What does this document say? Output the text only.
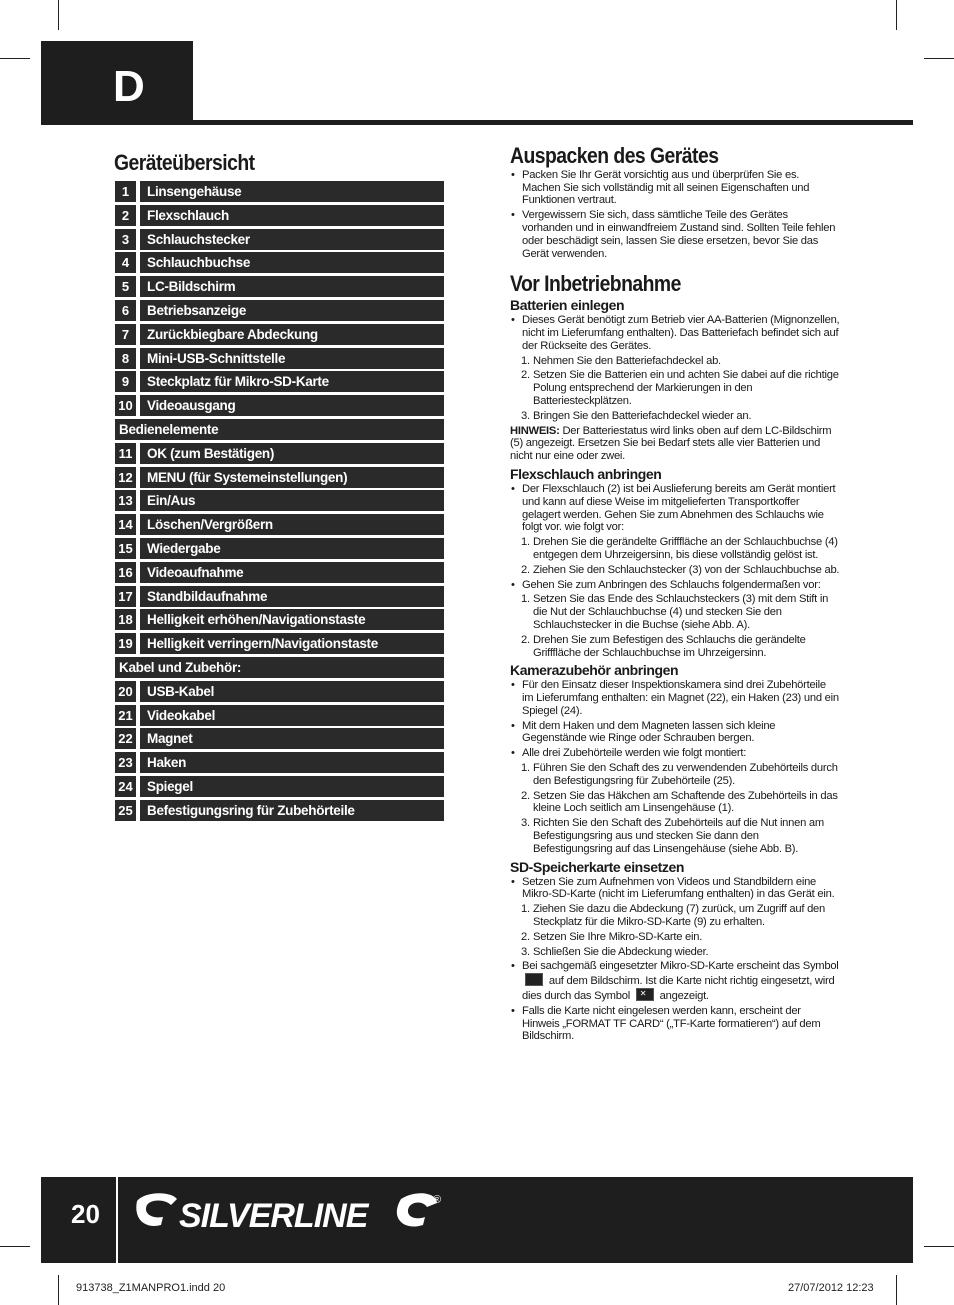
D
Geräteübersicht
1	Linsengehäuse
2	Flexschlauch
3	Schlauchstecker
4	Schlauchbuchse
5	LC-Bildschirm
6	Betriebsanzeige
7	Zurückbiegbare Abdeckung
8	Mini-USB-Schnittstelle
9	Steckplatz für Mikro-SD-Karte
10	Videoausgang
Bedienelemente
11	OK (zum Bestätigen)
12	MENU (für Systemeinstellungen)
13	Ein/Aus
14	Löschen/Vergrößern
15	Wiedergabe
16	Videoaufnahme
17	Standbildaufnahme
18	Helligkeit erhöhen/Navigationstaste
19	Helligkeit verringern/Navigationstaste
Kabel und Zubehör:
20	USB-Kabel
21	Videokabel
22	Magnet
23	Haken
24	Spiegel
25	Befestigungsring für Zubehörteile
Auspacken des Gerätes
• Packen Sie Ihr Gerät vorsichtig aus und überprüfen Sie es. Machen Sie sich vollständig mit all seinen Eigenschaften und Funktionen vertraut.
• Vergewissern Sie sich, dass sämtliche Teile des Gerätes vorhanden und in einwandfreiem Zustand sind. Sollten Teile fehlen oder beschädigt sein, lassen Sie diese ersetzen, bevor Sie das Gerät verwenden.
Vor Inbetriebnahme
Batterien einlegen
• Dieses Gerät benötigt zum Betrieb vier AA-Batterien (Mignonzellen, nicht im Lieferumfang enthalten). Das Batteriefach befindet sich auf der Rückseite des Gerätes.
1. Nehmen Sie den Batteriefachdeckel ab.
2. Setzen Sie die Batterien ein und achten Sie dabei auf die richtige Polung entsprechend der Markierungen in den Batteriesteckplätzen.
3. Bringen Sie den Batteriefachdeckel wieder an.
HINWEIS: Der Batteriestatus wird links oben auf dem LC-Bildschirm (5) angezeigt. Ersetzen Sie bei Bedarf stets alle vier Batterien und nicht nur eine oder zwei.
Flexschlauch anbringen
• Der Flexschlauch (2) ist bei Auslieferung bereits am Gerät montiert und kann auf diese Weise im mitgelieferten Transportkoffer gelagert werden. Gehen Sie zum Abnehmen des Schlauchs wie folgt vor. wie folgt vor:
1. Drehen Sie die gerändelte Grifffläche an der Schlauchbuchse (4) entgegen dem Uhrzeigersinn, bis diese vollständig gelöst ist.
2. Ziehen Sie den Schlauchstecker (3) von der Schlauchbuchse ab.
• Gehen Sie zum Anbringen des Schlauchs folgendermaßen vor:
1. Setzen Sie das Ende des Schlauchsteckers (3) mit dem Stift in die Nut der Schlauchbuchse (4) und stecken Sie den Schlauchstecker in die Buchse (siehe Abb. A).
2. Drehen Sie zum Befestigen des Schlauchs die gerändelte Grifffläche der Schlauchbuchse im Uhrzeigersinn.
Kamerazubehör anbringen
• Für den Einsatz dieser Inspektionskamera sind drei Zubehörteile im Lieferumfang enthalten: ein Magnet (22), ein Haken (23) und ein Spiegel (24).
• Mit dem Haken und dem Magneten lassen sich kleine Gegenstände wie Ringe oder Schrauben bergen.
• Alle drei Zubehörteile werden wie folgt montiert:
1. Führen Sie den Schaft des zu verwendenden Zubehörteils durch den Befestigungsring für Zubehörteile (25).
2. Setzen Sie das Häkchen am Schaftende des Zubehörteils in das kleine Loch seitlich am Linsengehäuse (1).
3. Richten Sie den Schaft des Zubehörteils auf die Nut innen am Befestigungsring aus und stecken Sie dann den Befestigungsring auf das Linsengehäuse (siehe Abb. B).
SD-Speicherkarte einsetzen
• Setzen Sie zum Aufnehmen von Videos und Standbildern eine Mikro-SD-Karte (nicht im Lieferumfang enthalten) in das Gerät ein.
1. Ziehen Sie dazu die Abdeckung (7) zurück, um Zugriff auf den Steckplatz für die Mikro-SD-Karte (9) zu erhalten.
2. Setzen Sie Ihre Mikro-SD-Karte ein.
3. Schließen Sie die Abdeckung wieder.
• Bei sachgemäß eingesetzter Mikro-SD-Karte erscheint das Symbol  auf dem Bildschirm. Ist die Karte nicht richtig eingesetzt, wird dies durch das Symbol ✕ angezeigt.
• Falls die Karte nicht eingelesen werden kann, erscheint der Hinweis „FORMAT TF CARD“ („TF-Karte formatieren“) auf dem Bildschirm.
20 SILVERLINE	®
913738_Z1MANPRO1.indd 20	27/07/2012 12:23
